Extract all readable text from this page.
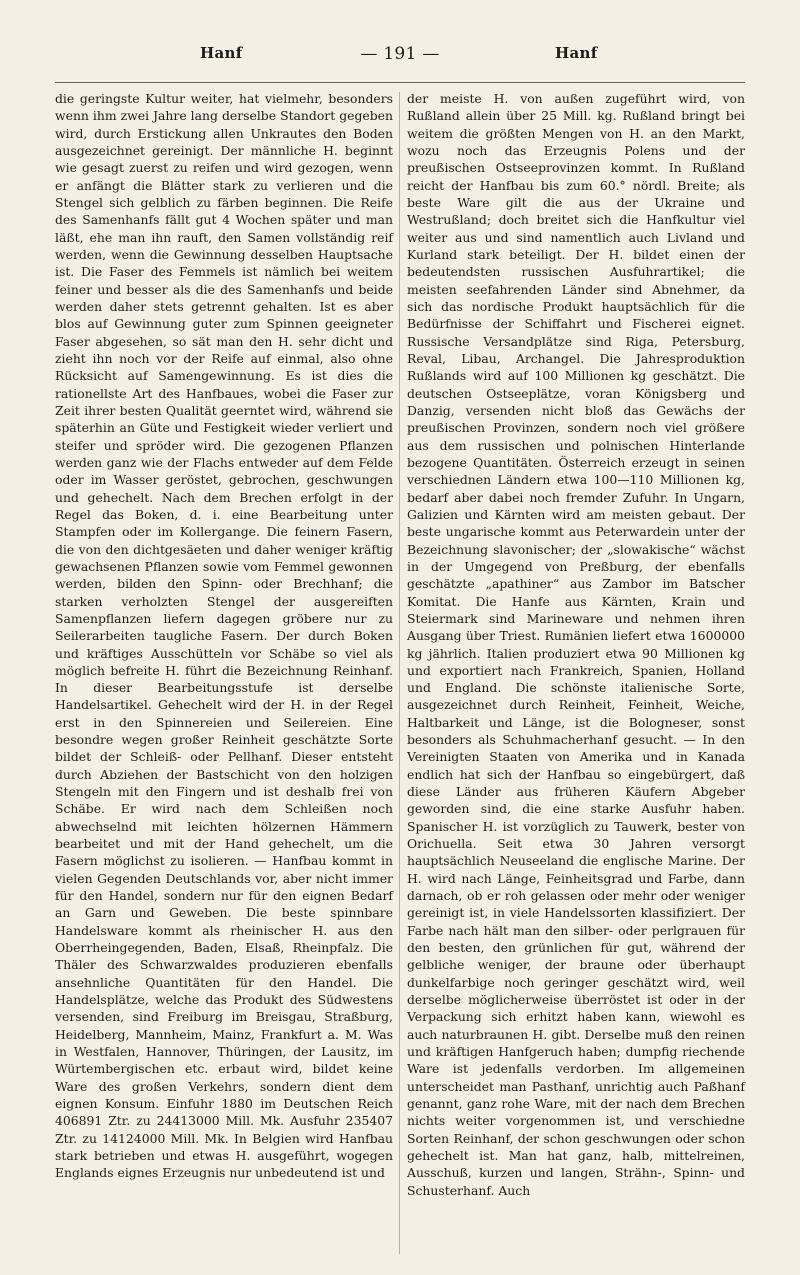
Hanf	— 191 —	Hanf

die geringste Kultur weiter, hat vielmehr, besonders wenn ihm zwei Jahre lang derselbe Standort gegeben wird, durch Erstickung allen Unkrautes den Boden ausgezeichnet gereinigt. Der männliche H. beginnt wie gesagt zuerst zu reifen und wird gezogen, wenn er anfängt die Blätter stark zu verlieren und die Stengel sich gelblich zu färben beginnen. Die Reife des Samenhanfs fällt gut 4 Wochen später und man läßt, ehe man ihn rauft, den Samen vollständig reif werden, wenn die Gewinnung desselben Hauptsache ist. Die Faser des Femmels ist nämlich bei weitem feiner und besser als die des Samenhanfs und beide werden daher stets getrennt gehalten. Ist es aber blos auf Gewinnung guter zum Spinnen geeigneter Faser abgesehen, so sät man den H. sehr dicht und zieht ihn noch vor der Reife auf einmal, also ohne Rücksicht auf Samengewinnung. Es ist dies die rationellste Art des Hanfbaues, wobei die Faser zur Zeit ihrer besten Qualität geerntet wird, während sie späterhin an Güte und Festigkeit wieder verliert und steifer und spröder wird. Die gezogenen Pflanzen werden ganz wie der Flachs entweder auf dem Felde oder im Wasser geröstet, gebrochen, geschwungen und gehechelt. Nach dem Brechen erfolgt in der Regel das Boken, d. i. eine Bearbeitung unter Stampfen oder im Kollergange. Die feinern Fasern, die von den dichtgesäeten und daher weniger kräftig gewachsenen Pflanzen sowie vom Femmel gewonnen werden, bilden den Spinn- oder Brechhanf; die starken verholzten Stengel der ausgereiften Samenpflanzen liefern dagegen gröbere nur zu Seilerarbeiten taugliche Fasern. Der durch Boken und kräftiges Ausschütteln vor Schäbe so viel als möglich befreite H. führt die Bezeichnung Reinhanf. In dieser Bearbeitungsstufe ist derselbe Handelsartikel. Gehechelt wird der H. in der Regel erst in den Spinnereien und Seilereien. Eine besondre wegen großer Reinheit geschätzte Sorte bildet der Schleiß- oder Pellhanf. Dieser entsteht durch Abziehen der Bastschicht von den holzigen Stengeln mit den Fingern und ist deshalb frei von Schäbe. Er wird nach dem Schleißen noch abwechselnd mit leichten hölzernen Hämmern bearbeitet und mit der Hand gehechelt, um die Fasern möglichst zu isolieren. — Hanfbau kommt in vielen Gegenden Deutschlands vor, aber nicht immer für den Handel, sondern nur für den eignen Bedarf an Garn und Geweben. Die beste spinnbare Handelsware kommt als rheinischer H. aus den Oberrheingegenden, Baden, Elsaß, Rheinpfalz. Die Thäler des Schwarzwaldes produzieren ebenfalls ansehnliche Quantitäten für den Handel. Die Handelsplätze, welche das Produkt des Südwestens versenden, sind Freiburg im Breisgau, Straßburg, Heidelberg, Mannheim, Mainz, Frankfurt a. M. Was in Westfalen, Hannover, Thüringen, der Lausitz, im Würtembergischen etc. erbaut wird, bildet keine Ware des großen Verkehrs, sondern dient dem eignen Konsum. Einfuhr 1880 im Deutschen Reich 406891 Ztr. zu 24413000 Mill. Mk. Ausfuhr 235407 Ztr. zu 14124000 Mill. Mk. In Belgien wird Hanfbau stark betrieben und etwas H. ausgeführt, wogegen Englands eignes Erzeugnis nur unbedeutend ist und

der meiste H. von außen zugeführt wird, von Rußland allein über 25 Mill. kg. Rußland bringt bei weitem die größten Mengen von H. an den Markt, wozu noch das Erzeugnis Polens und der preußischen Ostseeprovinzen kommt. In Rußland reicht der Hanfbau bis zum 60.° nördl. Breite; als beste Ware gilt die aus der Ukraine und Westrußland; doch breitet sich die Hanfkultur viel weiter aus und sind namentlich auch Livland und Kurland stark beteiligt. Der H. bildet einen der bedeutendsten russischen Ausfuhrartikel; die meisten seefahrenden Länder sind Abnehmer, da sich das nordische Produkt hauptsächlich für die Bedürfnisse der Schiffahrt und Fischerei eignet. Russische Versandplätze sind Riga, Petersburg, Reval, Libau, Archangel. Die Jahresproduktion Rußlands wird auf 100 Millionen kg geschätzt. Die deutschen Ostseeplätze, voran Königsberg und Danzig, versenden nicht bloß das Gewächs der preußischen Provinzen, sondern noch viel größere aus dem russischen und polnischen Hinterlande bezogene Quantitäten. Österreich erzeugt in seinen verschiednen Ländern etwa 100—110 Millionen kg, bedarf aber dabei noch fremder Zufuhr. In Ungarn, Galizien und Kärnten wird am meisten gebaut. Der beste ungarische kommt aus Peterwardein unter der Bezeichnung slavonischer; der „slowakische“ wächst in der Umgegend von Preßburg, der ebenfalls geschätzte „apathiner“ aus Zambor im Batscher Komitat. Die Hanfe aus Kärnten, Krain und Steiermark sind Marineware und nehmen ihren Ausgang über Triest. Rumänien liefert etwa 1600000 kg jährlich. Italien produziert etwa 90 Millionen kg und exportiert nach Frankreich, Spanien, Holland und England. Die schönste italienische Sorte, ausgezeichnet durch Reinheit, Feinheit, Weiche, Haltbarkeit und Länge, ist die Bologneser, sonst besonders als Schuhmacherhanf gesucht. — In den Vereinigten Staaten von Amerika und in Kanada endlich hat sich der Hanfbau so eingebürgert, daß diese Länder aus früheren Käufern Abgeber geworden sind, die eine starke Ausfuhr haben. Spanischer H. ist vorzüglich zu Tauwerk, bester von Orichuella. Seit etwa 30 Jahren versorgt hauptsächlich Neuseeland die englische Marine. Der H. wird nach Länge, Feinheitsgrad und Farbe, dann darnach, ob er roh gelassen oder mehr oder weniger gereinigt ist, in viele Handelssorten klassifiziert. Der Farbe nach hält man den silber- oder perlgrauen für den besten, den grünlichen für gut, während der gelbliche weniger, der braune oder überhaupt dunkelfarbige noch geringer geschätzt wird, weil derselbe möglicherweise überröstet ist oder in der Verpackung sich erhitzt haben kann, wiewohl es auch naturbraunen H. gibt. Derselbe muß den reinen und kräftigen Hanfgeruch haben; dumpfig riechende Ware ist jedenfalls verdorben. Im allgemeinen unterscheidet man Pasthanf, unrichtig auch Paßhanf genannt, ganz rohe Ware, mit der nach dem Brechen nichts weiter vorgenommen ist, und verschiedne Sorten Reinhanf, der schon geschwungen oder schon gehechelt ist. Man hat ganz, halb, mittelreinen, Ausschuß, kurzen und langen, Strähn-, Spinn- und Schusterhanf. Auch
